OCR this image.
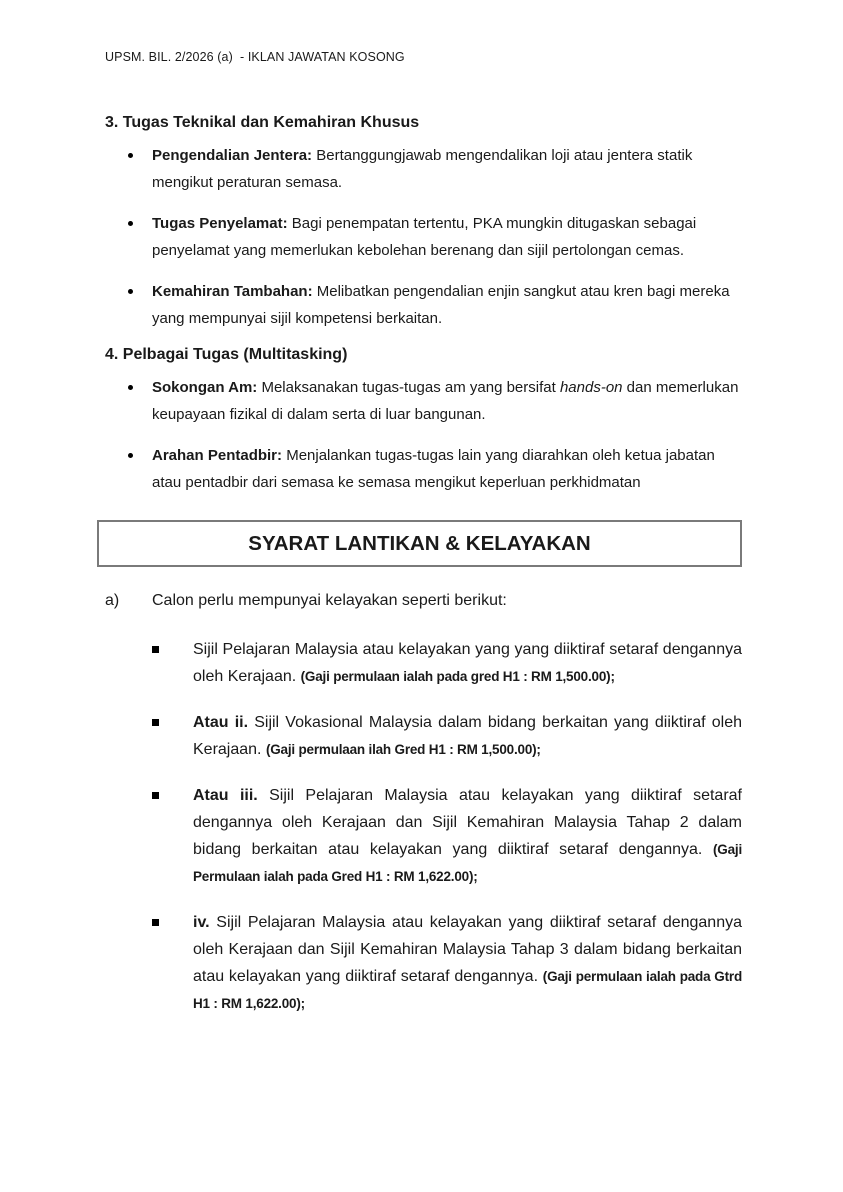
UPSM. BIL. 2/2026 (a)  - IKLAN JAWATAN KOSONG
3. Tugas Teknikal dan Kemahiran Khusus

Pengendalian Jentera: Bertanggungjawab mengendalikan loji atau jentera statik mengikut peraturan semasa.

Tugas Penyelamat: Bagi penempatan tertentu, PKA mungkin ditugaskan sebagai penyelamat yang memerlukan kebolehan berenang dan sijil pertolongan cemas.

Kemahiran Tambahan: Melibatkan pengendalian enjin sangkut atau kren bagi mereka yang mempunyai sijil kompetensi berkaitan.

4. Pelbagai Tugas (Multitasking)

Sokongan Am: Melaksanakan tugas-tugas am yang bersifat hands-on dan memerlukan keupayaan fizikal di dalam serta di luar bangunan.

Arahan Pentadbir: Menjalankan tugas-tugas lain yang diarahkan oleh ketua jabatan atau pentadbir dari semasa ke semasa mengikut keperluan perkhidmatan

SYARAT LANTIKAN & KELAYAKAN
a)	Calon perlu mempunyai kelayakan seperti berikut:

Sijil Pelajaran Malaysia atau kelayakan yang yang diiktiraf setaraf dengannya oleh Kerajaan. (Gaji permulaan ialah pada gred H1 : RM 1,500.00);

Atau ii. Sijil Vokasional Malaysia dalam bidang berkaitan yang diiktiraf oleh Kerajaan. (Gaji permulaan ilah Gred H1 : RM 1,500.00);

Atau iii. Sijil Pelajaran Malaysia atau kelayakan yang diiktiraf setaraf dengannya oleh Kerajaan dan Sijil Kemahiran Malaysia Tahap 2 dalam bidang berkaitan atau kelayakan yang diiktiraf setaraf dengannya. (Gaji Permulaan ialah pada Gred H1 : RM 1,622.00);

iv. Sijil Pelajaran Malaysia atau kelayakan yang diiktiraf setaraf dengannya oleh Kerajaan dan Sijil Kemahiran Malaysia Tahap 3 dalam bidang berkaitan atau kelayakan yang diiktiraf setaraf dengannya. (Gaji permulaan ialah pada Gtrd H1 : RM 1,622.00);
